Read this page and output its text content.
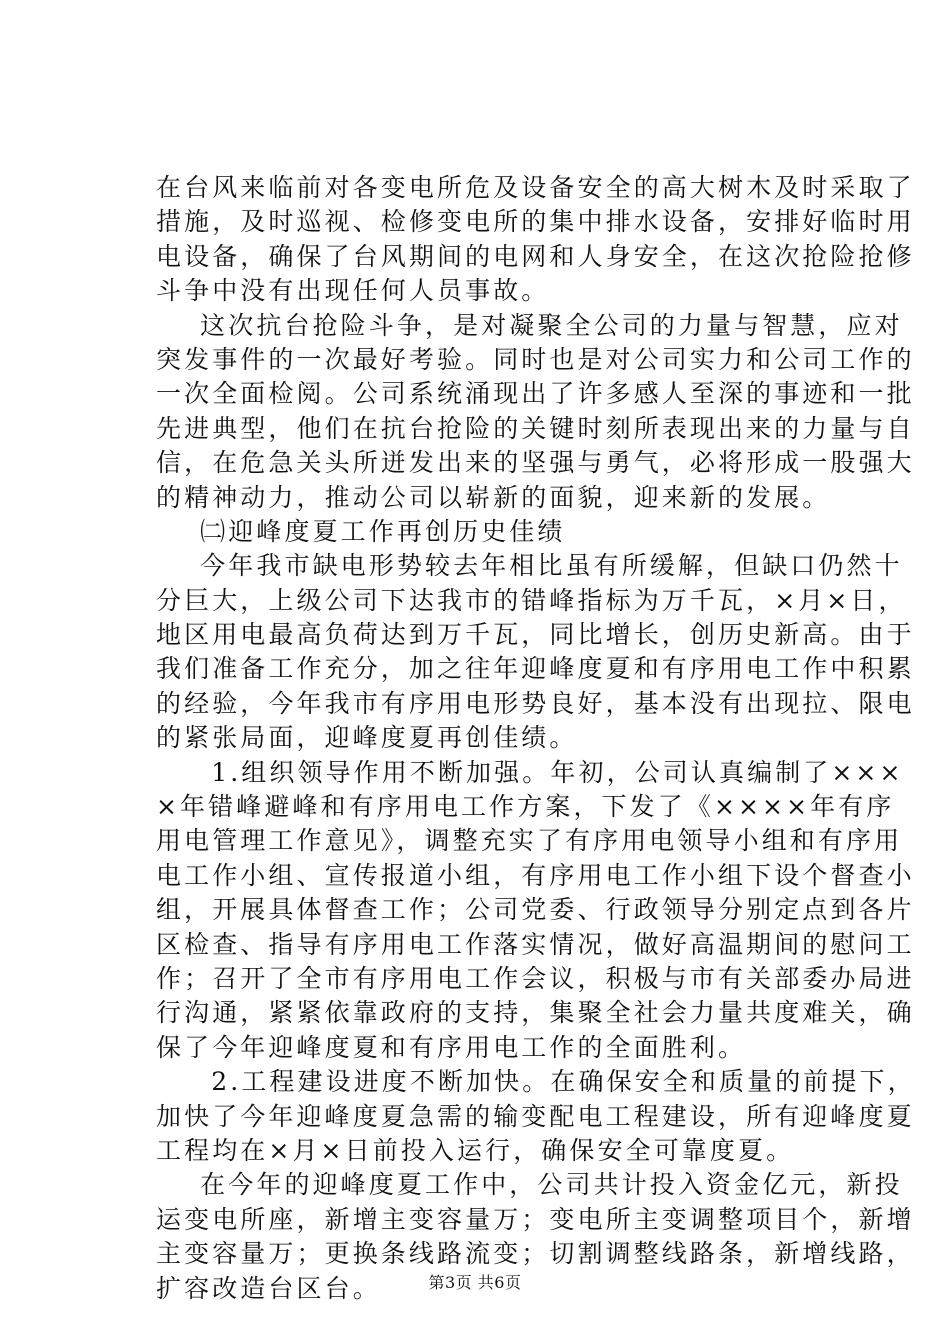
在台风来临前对各变电所危及设备安全的高大树木及时采取了
措施，及时巡视、检修变电所的集中排水设备，安排好临时用
电设备，确保了台风期间的电网和人身安全，在这次抢险抢修
斗争中没有出现任何人员事故。
这次抗台抢险斗争，是对凝聚全公司的力量与智慧，应对
突发事件的一次最好考验。同时也是对公司实力和公司工作的
一次全面检阅。公司系统涌现出了许多感人至深的事迹和一批
先进典型，他们在抗台抢险的关键时刻所表现出来的力量与自
信，在危急关头所迸发出来的坚强与勇气，必将形成一股强大
的精神动力，推动公司以崭新的面貌，迎来新的发展。
㈡迎峰度夏工作再创历史佳绩
今年我市缺电形势较去年相比虽有所缓解，但缺口仍然十
分巨大，上级公司下达我市的错峰指标为万千瓦，×月×日，
地区用电最高负荷达到万千瓦，同比增长，创历史新高。由于
我们准备工作充分，加之往年迎峰度夏和有序用电工作中积累
的经验，今年我市有序用电形势良好，基本没有出现拉、限电
的紧张局面，迎峰度夏再创佳绩。
1.组织领导作用不断加强。年初，公司认真编制了×××
×年错峰避峰和有序用电工作方案，下发了《××××年有序
用电管理工作意见》，调整充实了有序用电领导小组和有序用
电工作小组、宣传报道小组，有序用电工作小组下设个督查小
组，开展具体督查工作；公司党委、行政领导分别定点到各片
区检查、指导有序用电工作落实情况，做好高温期间的慰问工
作；召开了全市有序用电工作会议，积极与市有关部委办局进
行沟通，紧紧依靠政府的支持，集聚全社会力量共度难关，确
保了今年迎峰度夏和有序用电工作的全面胜利。
2.工程建设进度不断加快。在确保安全和质量的前提下，
加快了今年迎峰度夏急需的输变配电工程建设，所有迎峰度夏
工程均在×月×日前投入运行，确保安全可靠度夏。
在今年的迎峰度夏工作中，公司共计投入资金亿元，新投
运变电所座，新增主变容量万；变电所主变调整项目个，新增
主变容量万；更换条线路流变；切割调整线路条，新增线路，
扩容改造台区台。	第3页 共6页
